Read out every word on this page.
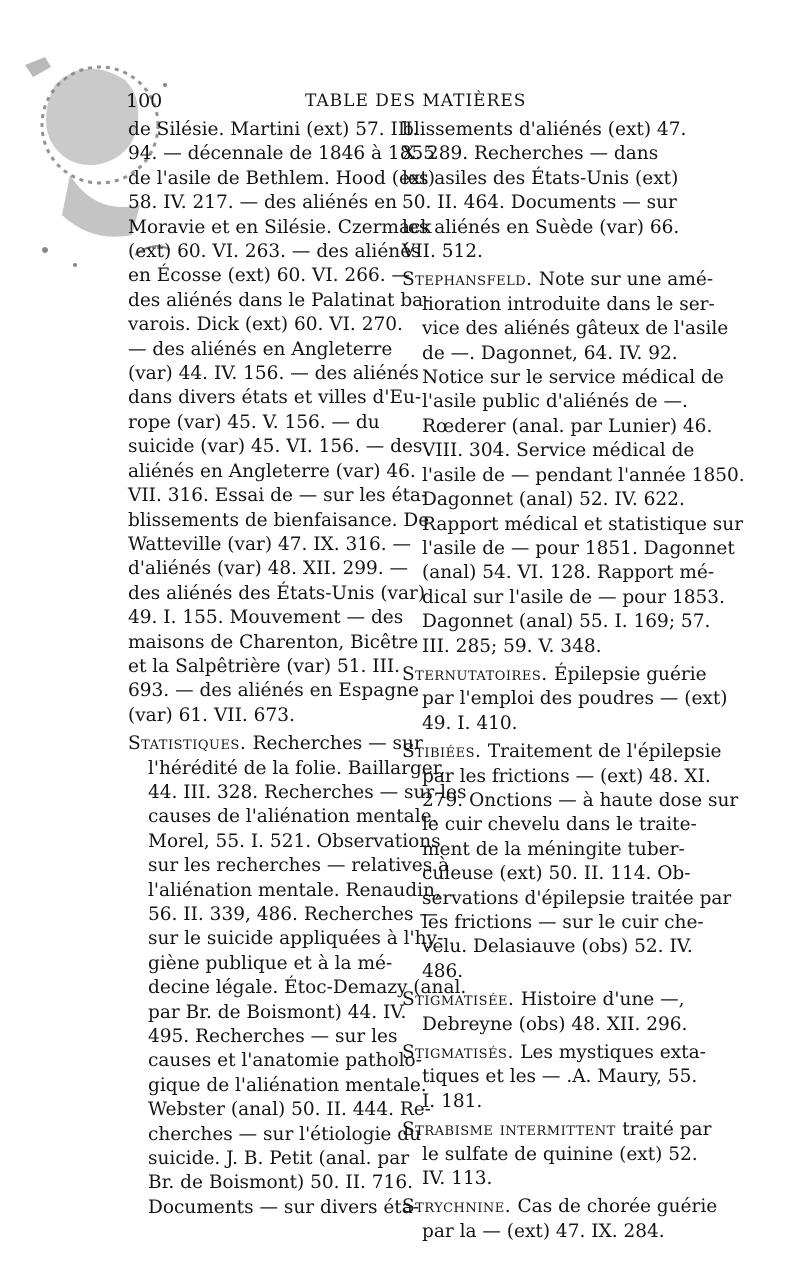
100	TABLE DES MATIÈRES
de Silésie. Martini (ext) 57. III.
94. — décennale de 1846 à 1855
de l'asile de Bethlem. Hood (ext)
58. IV. 217. — des aliénés en
Moravie et en Silésie. Czermack
(ext) 60. VI. 263. — des aliénés
en Écosse (ext) 60. VI. 266. —
des aliénés dans le Palatinat ba-
varois. Dick (ext) 60. VI. 270.
— des aliénés en Angleterre
(var) 44. IV. 156. — des aliénés
dans divers états et villes d'Eu-
rope (var) 45. V. 156. — du
suicide (var) 45. VI. 156. — des
aliénés en Angleterre (var) 46.
VII. 316. Essai de — sur les éta-
blissements de bienfaisance. De
Watteville (var) 47. IX. 316. —
d'aliénés (var) 48. XII. 299. —
des aliénés des États-Unis (var)
49. I. 155. Mouvement — des
maisons de Charenton, Bicêtre
et la Salpêtrière (var) 51. III.
693. — des aliénés en Espagne
(var) 61. VII. 673.
Statistiques. Recherches — sur
l'hérédité de la folie. Baillarger,
44. III. 328. Recherches — sur les
causes de l'aliénation mentale.
Morel, 55. I. 521. Observations
sur les recherches — relatives à
l'aliénation mentale. Renaudin,
56. II. 339, 486. Recherches —
sur le suicide appliquées à l'hy-
giène publique et à la mé-
decine légale. Étoc-Demazy (anal.
par Br. de Boismont) 44. IV.
495. Recherches — sur les
causes et l'anatomie patholo-
gique de l'aliénation mentale.
Webster (anal) 50. II. 444. Re-
cherches — sur l'étiologie du
suicide. J. B. Petit (anal. par
Br. de Boismont) 50. II. 716.
Documents — sur divers éta-
blissements d'aliénés (ext) 47.
X. 289. Recherches — dans
les asiles des États-Unis (ext)
50. II. 464. Documents — sur
les aliénés en Suède (var) 66.
VII. 512.
Stephansfeld. Note sur une amé-
lioration introduite dans le ser-
vice des aliénés gâteux de l'asile
de —. Dagonnet, 64. IV. 92.
Notice sur le service médical de
l'asile public d'aliénés de —.
Rœderer (anal. par Lunier) 46.
VIII. 304. Service médical de
l'asile de — pendant l'année 1850.
Dagonnet (anal) 52. IV. 622.
Rapport médical et statistique sur
l'asile de — pour 1851. Dagonnet
(anal) 54. VI. 128. Rapport mé-
dical sur l'asile de — pour 1853.
Dagonnet (anal) 55. I. 169; 57.
III. 285; 59. V. 348.
Sternutatoires. Épilepsie guérie
par l'emploi des poudres — (ext)
49. I. 410.
Stibiées. Traitement de l'épilepsie
par les frictions — (ext) 48. XI.
279. Onctions — à haute dose sur
le cuir chevelu dans le traite-
ment de la méningite tuber-
culeuse (ext) 50. II. 114. Ob-
servations d'épilepsie traitée par
les frictions — sur le cuir che-
velu. Delasiauve (obs) 52. IV.
486.
Stigmatisée. Histoire d'une —,
Debreyne (obs) 48. XII. 296.
Stigmatisés. Les mystiques exta-
tiques et les — .A. Maury, 55.
I. 181.
Strabisme intermittent traité par
le sulfate de quinine (ext) 52.
IV. 113.
Strychnine. Cas de chorée guérie
par la — (ext) 47. IX. 284.
